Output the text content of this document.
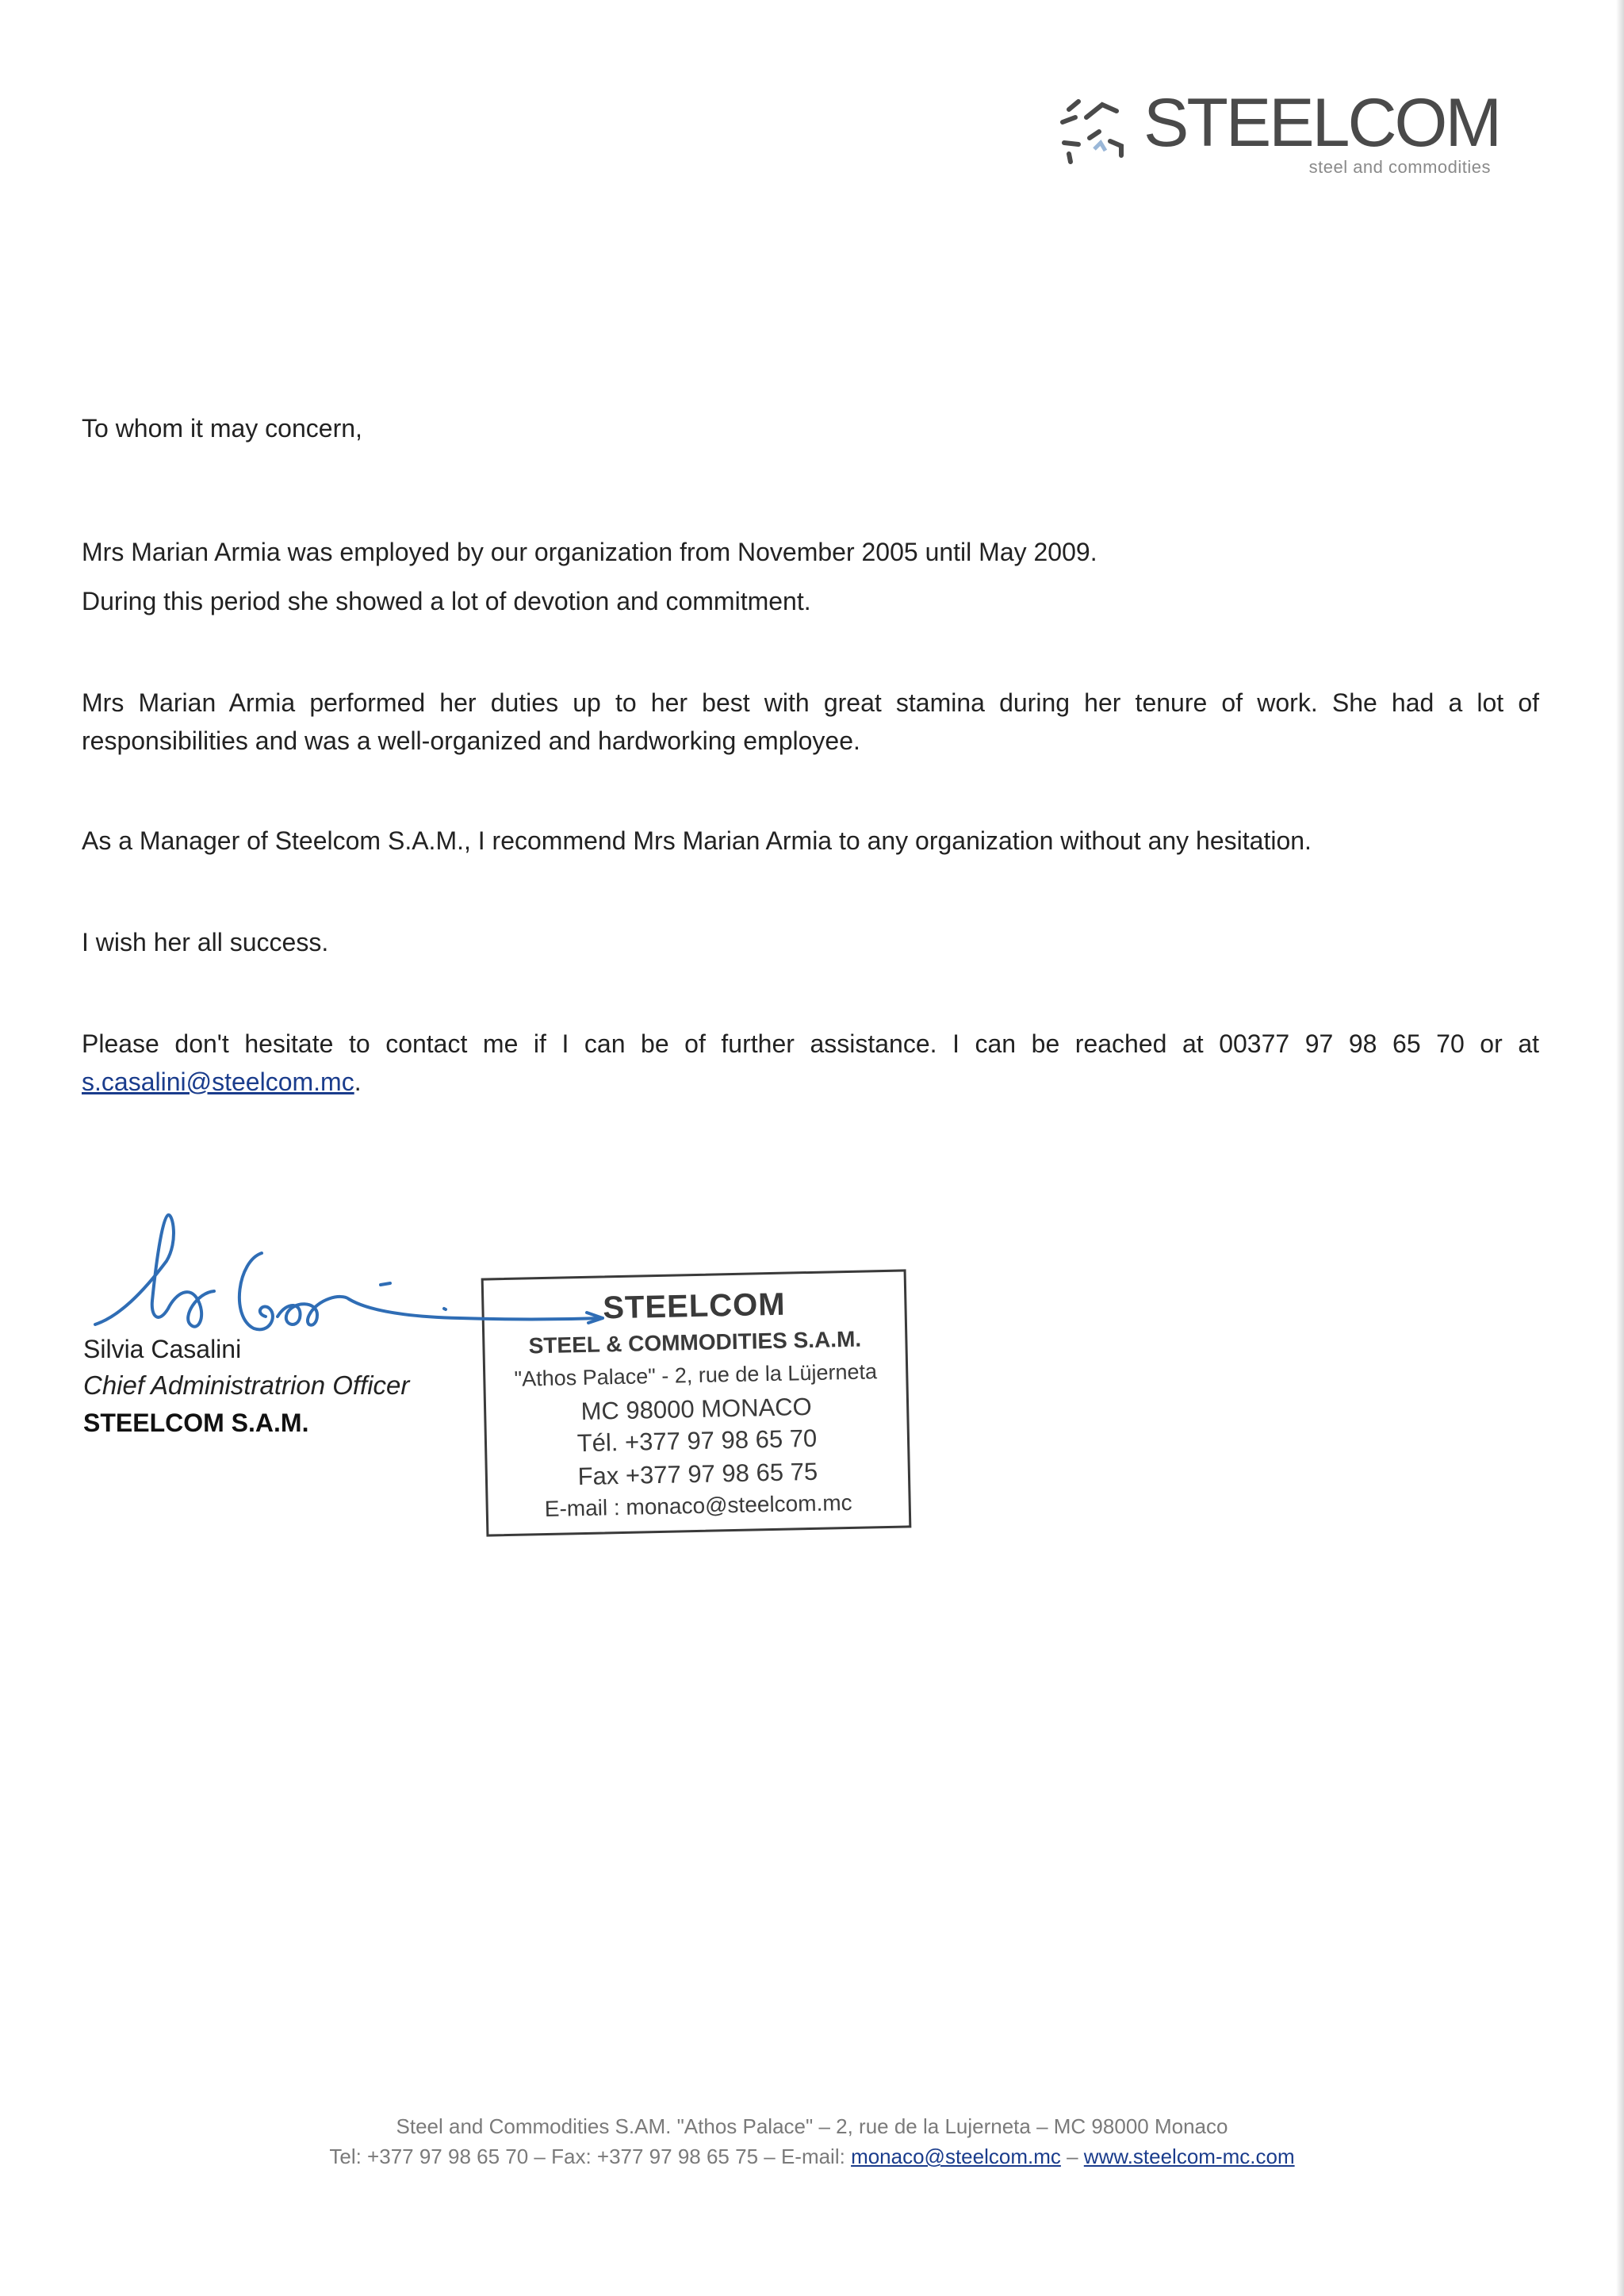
STEELCOM
steel and commodities
To whom it may concern,
Mrs Marian Armia was employed by our organization from November 2005 until May 2009.
During this period she showed a lot of devotion and commitment.
Mrs Marian Armia performed her duties up to her best with great stamina during her tenure of work. She had a lot of responsibilities and was a well-organized and hardworking employee.
As a Manager of Steelcom S.A.M., I recommend Mrs Marian Armia to any organization without any hesitation.
I wish her all success.
Please don't hesitate to contact me if I can be of further assistance. I can be reached at 00377 97 98 65 70 or at s.casalini@steelcom.mc.
STEELCOM
STEEL & COMMODITIES S.A.M.
"Athos Palace" - 2, rue de la Lüjerneta
MC 98000 MONACO
Tél. +377 97 98 65 70
Fax +377 97 98 65 75
E-mail : monaco@steelcom.mc
Silvia Casalini
Chief Administratrion Officer
STEELCOM S.A.M.
Steel and Commodities S.AM. "Athos Palace" – 2, rue de la Lujerneta – MC 98000 Monaco
Tel: +377 97 98 65 70 – Fax: +377 97 98 65 75 – E-mail: monaco@steelcom.mc – www.steelcom-mc.com
